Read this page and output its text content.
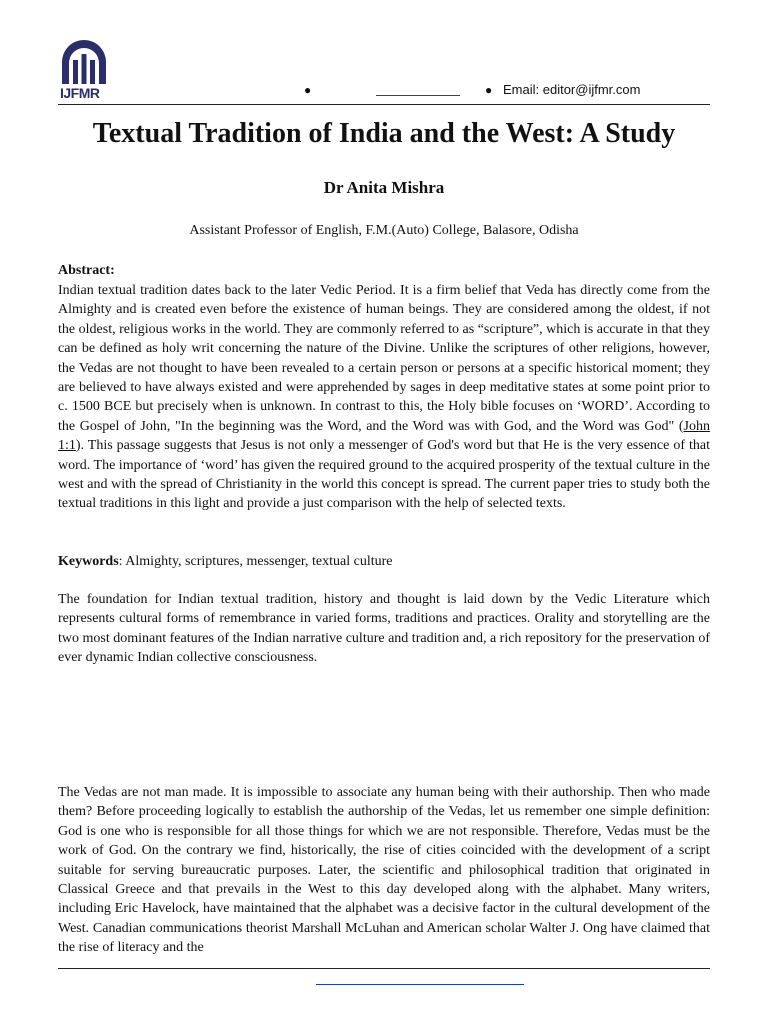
IJFMR	●	● Email: editor@ijfmr.com
Textual Tradition of India and the West: A Study
Dr Anita Mishra
Assistant Professor of English, F.M.(Auto) College, Balasore, Odisha
Abstract:
Indian textual tradition dates back to the later Vedic Period. It is a firm belief that Veda has directly come from the Almighty and is created even before the existence of human beings. They are considered among the oldest, if not the oldest, religious works in the world. They are commonly referred to as “scripture”, which is accurate in that they can be defined as holy writ concerning the nature of the Divine. Unlike the scriptures of other religions, however, the Vedas are not thought to have been revealed to a certain person or persons at a specific historical moment; they are believed to have always existed and were apprehended by sages in deep meditative states at some point prior to c. 1500 BCE but precisely when is unknown. In contrast to this, the Holy bible focuses on ‘WORD’. According to the Gospel of John, "In the beginning was the Word, and the Word was with God, and the Word was God" (John 1:1). This passage suggests that Jesus is not only a messenger of God's word but that He is the very essence of that word. The importance of ‘word’ has given the required ground to the acquired prosperity of the textual culture in the west and with the spread of Christianity in the world this concept is spread. The current paper tries to study both the textual traditions in this light and provide a just comparison with the help of selected texts.
Keywords: Almighty, scriptures, messenger, textual culture
The foundation for Indian textual tradition, history and thought is laid down by the Vedic Literature which represents cultural forms of remembrance in varied forms, traditions and practices. Orality and storytelling are the two most dominant features of the Indian narrative culture and tradition and, a rich repository for the preservation of ever dynamic Indian collective consciousness.
The Vedas are not man made. It is impossible to associate any human being with their authorship. Then who made them? Before proceeding logically to establish the authorship of the Vedas, let us remember one simple definition: God is one who is responsible for all those things for which we are not responsible. Therefore, Vedas must be the work of God. On the contrary we find, historically, the rise of cities coincided with the development of a script suitable for serving bureaucratic purposes. Later, the scientific and philosophical tradition that originated in Classical Greece and that prevails in the West to this day developed along with the alphabet. Many writers, including Eric Havelock, have maintained that the alphabet was a decisive factor in the cultural development of the West. Canadian communications theorist Marshall McLuhan and American scholar Walter J. Ong have claimed that the rise of literacy and the
